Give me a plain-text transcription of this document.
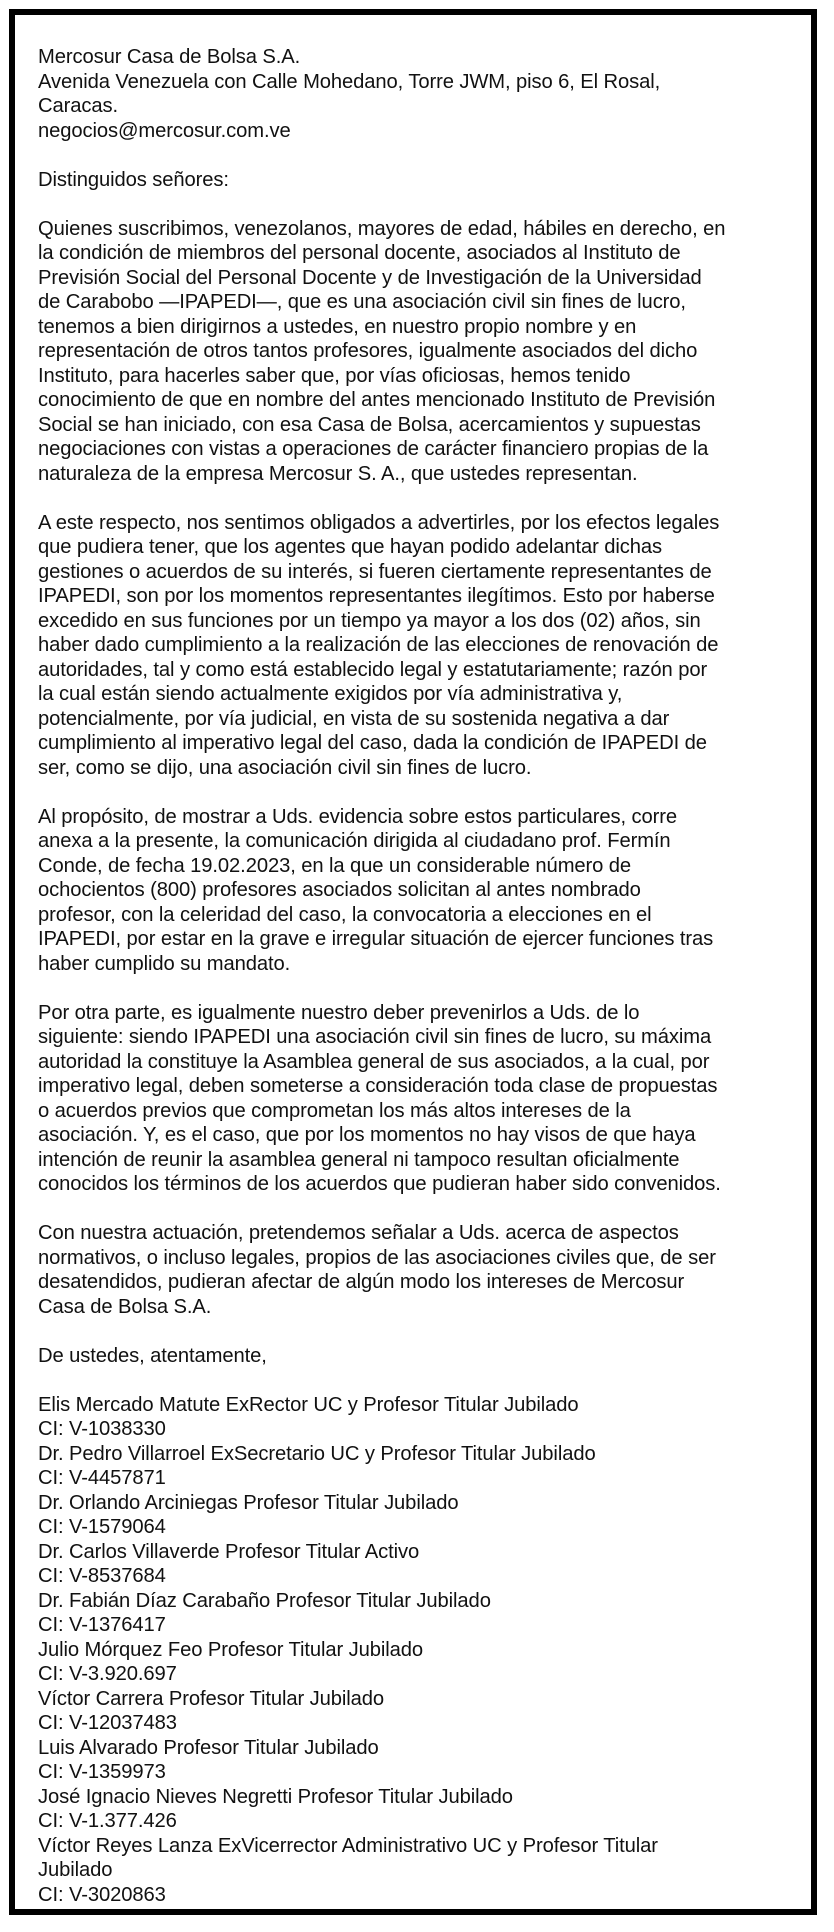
Mercosur Casa de Bolsa S.A.
Avenida Venezuela con Calle Mohedano, Torre JWM, piso 6, El Rosal,
Caracas.
negocios@mercosur.com.ve
Distinguidos señores:
Quienes suscribimos, venezolanos, mayores de edad, hábiles en derecho, en
la condición de miembros del personal docente, asociados al Instituto de
Previsión Social del Personal Docente y de Investigación de la Universidad
de Carabobo —IPAPEDI—, que es una asociación civil sin fines de lucro,
tenemos a bien dirigirnos a ustedes, en nuestro propio nombre y en
representación de otros tantos profesores, igualmente asociados del dicho
Instituto, para hacerles saber que, por vías oficiosas, hemos tenido
conocimiento de que en nombre del antes mencionado Instituto de Previsión
Social se han iniciado, con esa Casa de Bolsa, acercamientos y supuestas
negociaciones con vistas a operaciones de carácter financiero propias de la
naturaleza de la empresa Mercosur S. A., que ustedes representan.
A este respecto, nos sentimos obligados a advertirles, por los efectos legales
que pudiera tener, que los agentes que hayan podido adelantar dichas
gestiones o acuerdos de su interés, si fueren ciertamente representantes de
IPAPEDI, son por los momentos representantes ilegítimos. Esto por haberse
excedido en sus funciones por un tiempo ya mayor a los dos (02) años, sin
haber dado cumplimiento a la realización de las elecciones de renovación de
autoridades, tal y como está establecido legal y estatutariamente; razón por
la cual están siendo actualmente exigidos por vía administrativa y,
potencialmente, por vía judicial, en vista de su sostenida negativa a dar
cumplimiento al imperativo legal del caso, dada la condición de IPAPEDI de
ser, como se dijo, una asociación civil sin fines de lucro.
Al propósito, de mostrar a Uds. evidencia sobre estos particulares, corre
anexa a la presente, la comunicación dirigida al ciudadano prof. Fermín
Conde, de fecha 19.02.2023, en la que un considerable número de
ochocientos (800) profesores asociados solicitan al antes nombrado
profesor, con la celeridad del caso, la convocatoria a elecciones en el
IPAPEDI, por estar en la grave e irregular situación de ejercer funciones tras
haber cumplido su mandato.
Por otra parte, es igualmente nuestro deber prevenirlos a Uds. de lo
siguiente: siendo IPAPEDI una asociación civil sin fines de lucro, su máxima
autoridad la constituye la Asamblea general de sus asociados, a la cual, por
imperativo legal, deben someterse a consideración toda clase de propuestas
o acuerdos previos que comprometan los más altos intereses de la
asociación. Y, es el caso, que por los momentos no hay visos de que haya
intención de reunir la asamblea general ni tampoco resultan oficialmente
conocidos los términos de los acuerdos que pudieran haber sido convenidos.
Con nuestra actuación, pretendemos señalar a Uds. acerca de aspectos
normativos, o incluso legales, propios de las asociaciones civiles que, de ser
desatendidos, pudieran afectar de algún modo los intereses de Mercosur
Casa de Bolsa S.A.
De ustedes, atentamente,
Elis Mercado Matute ExRector UC y Profesor Titular Jubilado
CI: V-1038330
Dr. Pedro Villarroel ExSecretario UC y Profesor Titular Jubilado
CI: V-4457871
Dr. Orlando Arciniegas Profesor Titular Jubilado
CI: V-1579064
Dr. Carlos Villaverde Profesor Titular Activo
CI: V-8537684
Dr. Fabián Díaz Carabaño Profesor Titular Jubilado
CI: V-1376417
Julio Mórquez Feo Profesor Titular Jubilado
CI: V-3.920.697
Víctor Carrera Profesor Titular Jubilado
CI: V-12037483
Luis Alvarado Profesor Titular Jubilado
CI: V-1359973
José Ignacio Nieves Negretti Profesor Titular Jubilado
CI: V-1.377.426
Víctor Reyes Lanza ExVicerrector Administrativo UC y Profesor Titular
Jubilado
CI: V-3020863
